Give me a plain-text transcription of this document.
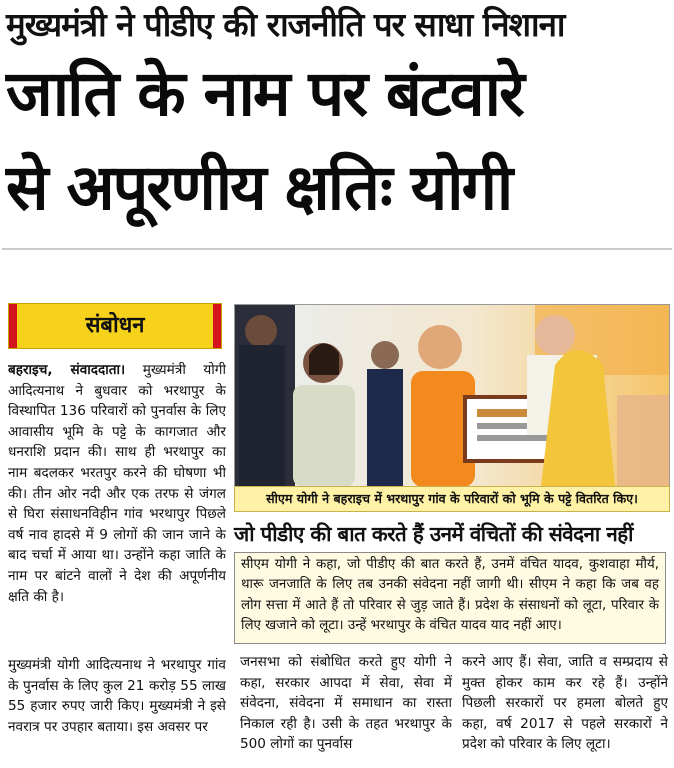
मुख्यमंत्री ने पीडीए की राजनीति पर साधा निशाना
जाति के नाम पर बंटवारे
से अपूरणीय क्षतिः योगी
संबोधन

बहराइच, संवाददाता। मुख्यमंत्री योगी आदित्यनाथ ने बुधवार को भरथापुर के विस्थापित 136 परिवारों को पुनर्वास के लिए आवासीय भूमि के पट्टे के कागजात और धनराशि प्रदान की। साथ ही भरथापुर का नाम बदलकर भरतपुर करने की घोषणा भी की। तीन ओर नदी और एक तरफ से जंगल से घिरा संसाधनविहीन गांव भरथापुर पिछले वर्ष नाव हादसे में 9 लोगों की जान जाने के बाद चर्चा में आया था। उन्होंने कहा जाति के नाम पर बांटने वालों ने देश की अपूर्णनीय क्षति की है।

मुख्यमंत्री योगी आदित्यनाथ ने भरथापुर गांव के पुनर्वास के लिए कुल 21 करोड़ 55 लाख 55 हजार रुपए जारी किए। मुख्यमंत्री ने इसे नवरात्र पर उपहार बताया। इस अवसर पर

सीएम योगी ने बहराइच में भरथापुर गांव के परिवारों को भूमि के पट्टे वितरित किए।
जो पीडीए की बात करते हैं उनमें वंचितों की संवेदना नहीं
सीएम योगी ने कहा, जो पीडीए की बात करते हैं, उनमें वंचित यादव, कुशवाहा मौर्य, थारू जनजाति के लिए तब उनकी संवेदना नहीं जागी थी। सीएम ने कहा कि जब वह लोग सत्ता में आते हैं तो परिवार से जुड़ जाते हैं। प्रदेश के संसाधनों को लूटा, परिवार के लिए खजाने को लूटा। उन्हें भरथापुर के वंचित यादव याद नहीं आए।
जनसभा को संबोधित करते हुए योगी ने कहा, सरकार आपदा में सेवा, सेवा में संवेदना, संवेदना में समाधान का रास्ता निकाल रही है। उसी के तहत भरथापुर के 500 लोगों का पुनर्वास
करने आए हैं। सेवा, जाति व सम्प्रदाय से मुक्त होकर काम कर रहे हैं। उन्होंने पिछली सरकारों पर हमला बोलते हुए कहा, वर्ष 2017 से पहले सरकारों ने प्रदेश को परिवार के लिए लूटा।
